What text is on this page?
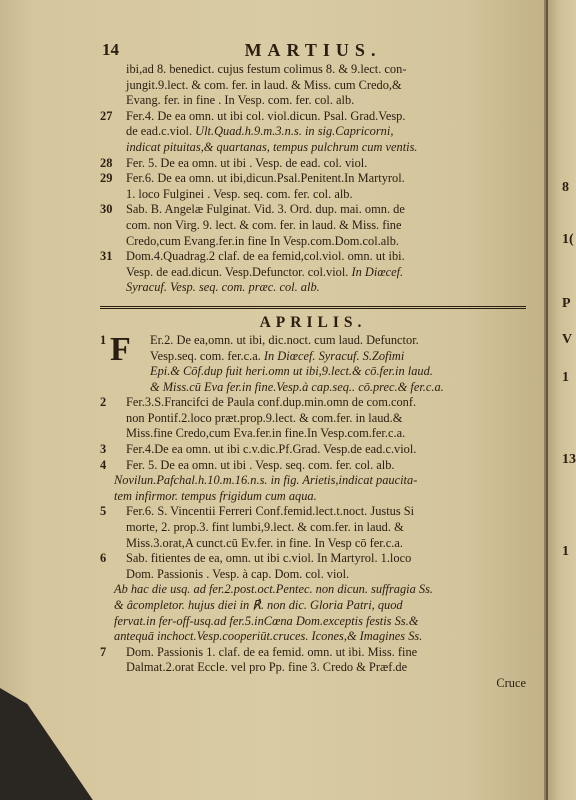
8
1(
P
V
1
13
1
14	MARTIUS.
ibi,ad 8. benedict. cujus festum colimus 8. & 9.lect. con-
jungit.9.lect. & com. fer. in laud. & Miss. cum Credo,&
Evang. fer. in fine . In Vesp. com. fer. col. alb.
27 Fer.4. De ea omn. ut ibi col. viol.dicun. Psal. Grad.Vesp.
de ead.c.viol. Ult.Quad.h.9.m.3.n.s. in sig.Capricorni,
indicat pituitas,& quartanas, tempus pulchrum cum ventis.
28 Fer. 5. De ea omn. ut ibi . Vesp. de ead. col. viol.
29 Fer.6. De ea omn. ut ibi,dicun.Psal.Penitent.In Martyrol.
1. loco Fulginei . Vesp. seq. com. fer. col. alb.
30 Sab. B. Angelæ Fulginat. Vid. 3. Ord. dup. mai. omn. de
com. non Virg. 9. lect. & com. fer. in laud. & Miss. fine
Credo,cum Evang.fer.in fine In Vesp.com.Dom.col.alb.
31 Dom.4.Quadrag.2 claf. de ea femid,col.viol. omn. ut ibi.
Vesp. de ead.dicun. Vesp.Defunctor. col.viol. In Diœcef.
Syracuf. Vesp. seq. com. præc. col. alb.
APRILIS.
1 F Er.2. De ea,omn. ut ibi, dic.noct. cum laud. Defunctor.
Vesp.seq. com. fer.c.a. In Diœcef. Syracuf. S.Zofimi
Epi.& Cōf.dup fuit heri.omn ut ibi,9.lect.& cō.fer.in laud.
& Miss.cū Eva fer.in fine.Vesp.à cap.seq.. cō.prec.& fer.c.a.
2 Fer.3.S.Francifci de Paula conf.dup.min.omn de com.conf.
non Pontif.2.loco præt.prop.9.lect. & com.fer. in laud.&
Miss.fine Credo,cum Eva.fer.in fine.In Vesp.com.fer.c.a.
3 Fer.4.De ea omn. ut ibi c.v.dic.Pf.Grad. Vesp.de ead.c.viol.
4 Fer. 5. De ea omn. ut ibi . Vesp. seq. com. fer. col. alb.
Novilun.Pafchal.h.10.m.16.n.s. in fig. Arietis,indicat paucita-
tem infirmor. tempus frigidum cum aqua.
5 Fer.6. S. Vincentii Ferreri Conf.femid.lect.t.noct. Justus Si
morte, 2. prop.3. fint lumbi,9.lect. & com.fer. in laud. &
Miss.3.orat,A cunct.cū Ev.fer. in fine. In Vesp cō fer.c.a.
6 Sab. fitientes de ea, omn. ut ibi c.viol. In Martyrol. 1.loco
Dom. Passionis . Vesp. à cap. Dom. col. viol.
Ab hac die usq. ad fer.2.post.oct.Pentec. non dicun. suffragia Ss.
& âcompletor. hujus diei in ℟. non dic. Gloria Patri, quod
fervat.in fer-off-usq.ad fer.5.inCœna Dom.exceptis festis Ss.&
antequā inchoct.Vesp.cooperiūt.cruces. Icones,& Imagines Ss.
7 Dom. Passionis 1. claf. de ea femid. omn. ut ibi. Miss. fine
Dalmat.2.orat Eccle. vel pro Pp. fine 3. Credo & Præf.de
Cruce
